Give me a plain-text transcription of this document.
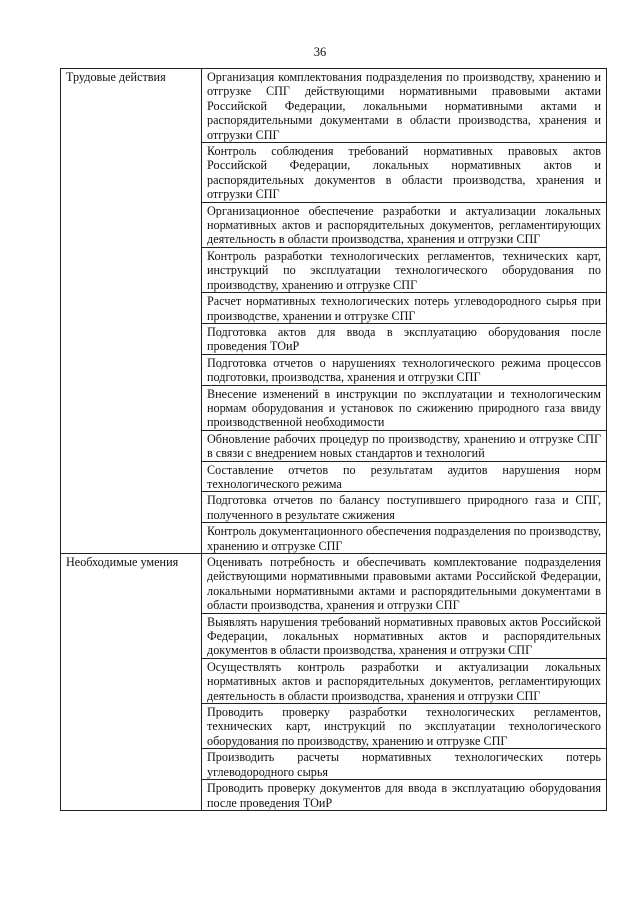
36
Трудовые действия	Организация комплектования подразделения по производству, хранению и отгрузке СПГ действующими нормативными правовыми актами Российской Федерации, локальными нормативными актами и распорядительными документами в области производства, хранения и отгрузки СПГ
	Контроль соблюдения требований нормативных правовых актов Российской Федерации, локальных нормативных актов и распорядительных документов в области производства, хранения и отгрузки СПГ
	Организационное обеспечение разработки и актуализации локальных нормативных актов и распорядительных документов, регламентирующих деятельность в области производства, хранения и отгрузки СПГ
	Контроль разработки технологических регламентов, технических карт, инструкций по эксплуатации технологического оборудования по производству, хранению и отгрузке СПГ
	Расчет нормативных технологических потерь углеводородного сырья при производстве, хранении и отгрузке СПГ
	Подготовка актов для ввода в эксплуатацию оборудования после проведения ТОиР
	Подготовка отчетов о нарушениях технологического режима процессов подготовки, производства, хранения и отгрузки СПГ
	Внесение изменений в инструкции по эксплуатации и технологическим нормам оборудования и установок по сжижению природного газа ввиду производственной необходимости
	Обновление рабочих процедур по производству, хранению и отгрузке СПГ в связи с внедрением новых стандартов и технологий
	Составление отчетов по результатам аудитов нарушения норм технологического режима
	Подготовка отчетов по балансу поступившего природного газа и СПГ, полученного в результате сжижения
	Контроль документационного обеспечения подразделения по производству, хранению и отгрузке СПГ
Необходимые умения	Оценивать потребность и обеспечивать комплектование подразделения действующими нормативными правовыми актами Российской Федерации, локальными нормативными актами и распорядительными документами в области производства, хранения и отгрузки СПГ
	Выявлять нарушения требований нормативных правовых актов Российской Федерации, локальных нормативных актов и распорядительных документов в области производства, хранения и отгрузки СПГ
	Осуществлять контроль разработки и актуализации локальных нормативных актов и распорядительных документов, регламентирующих деятельность в области производства, хранения и отгрузки СПГ
	Проводить проверку разработки технологических регламентов, технических карт, инструкций по эксплуатации технологического оборудования по производству, хранению и отгрузке СПГ
	Производить расчеты нормативных технологических потерь углеводородного сырья
	Проводить проверку документов для ввода в эксплуатацию оборудования после проведения ТОиР
